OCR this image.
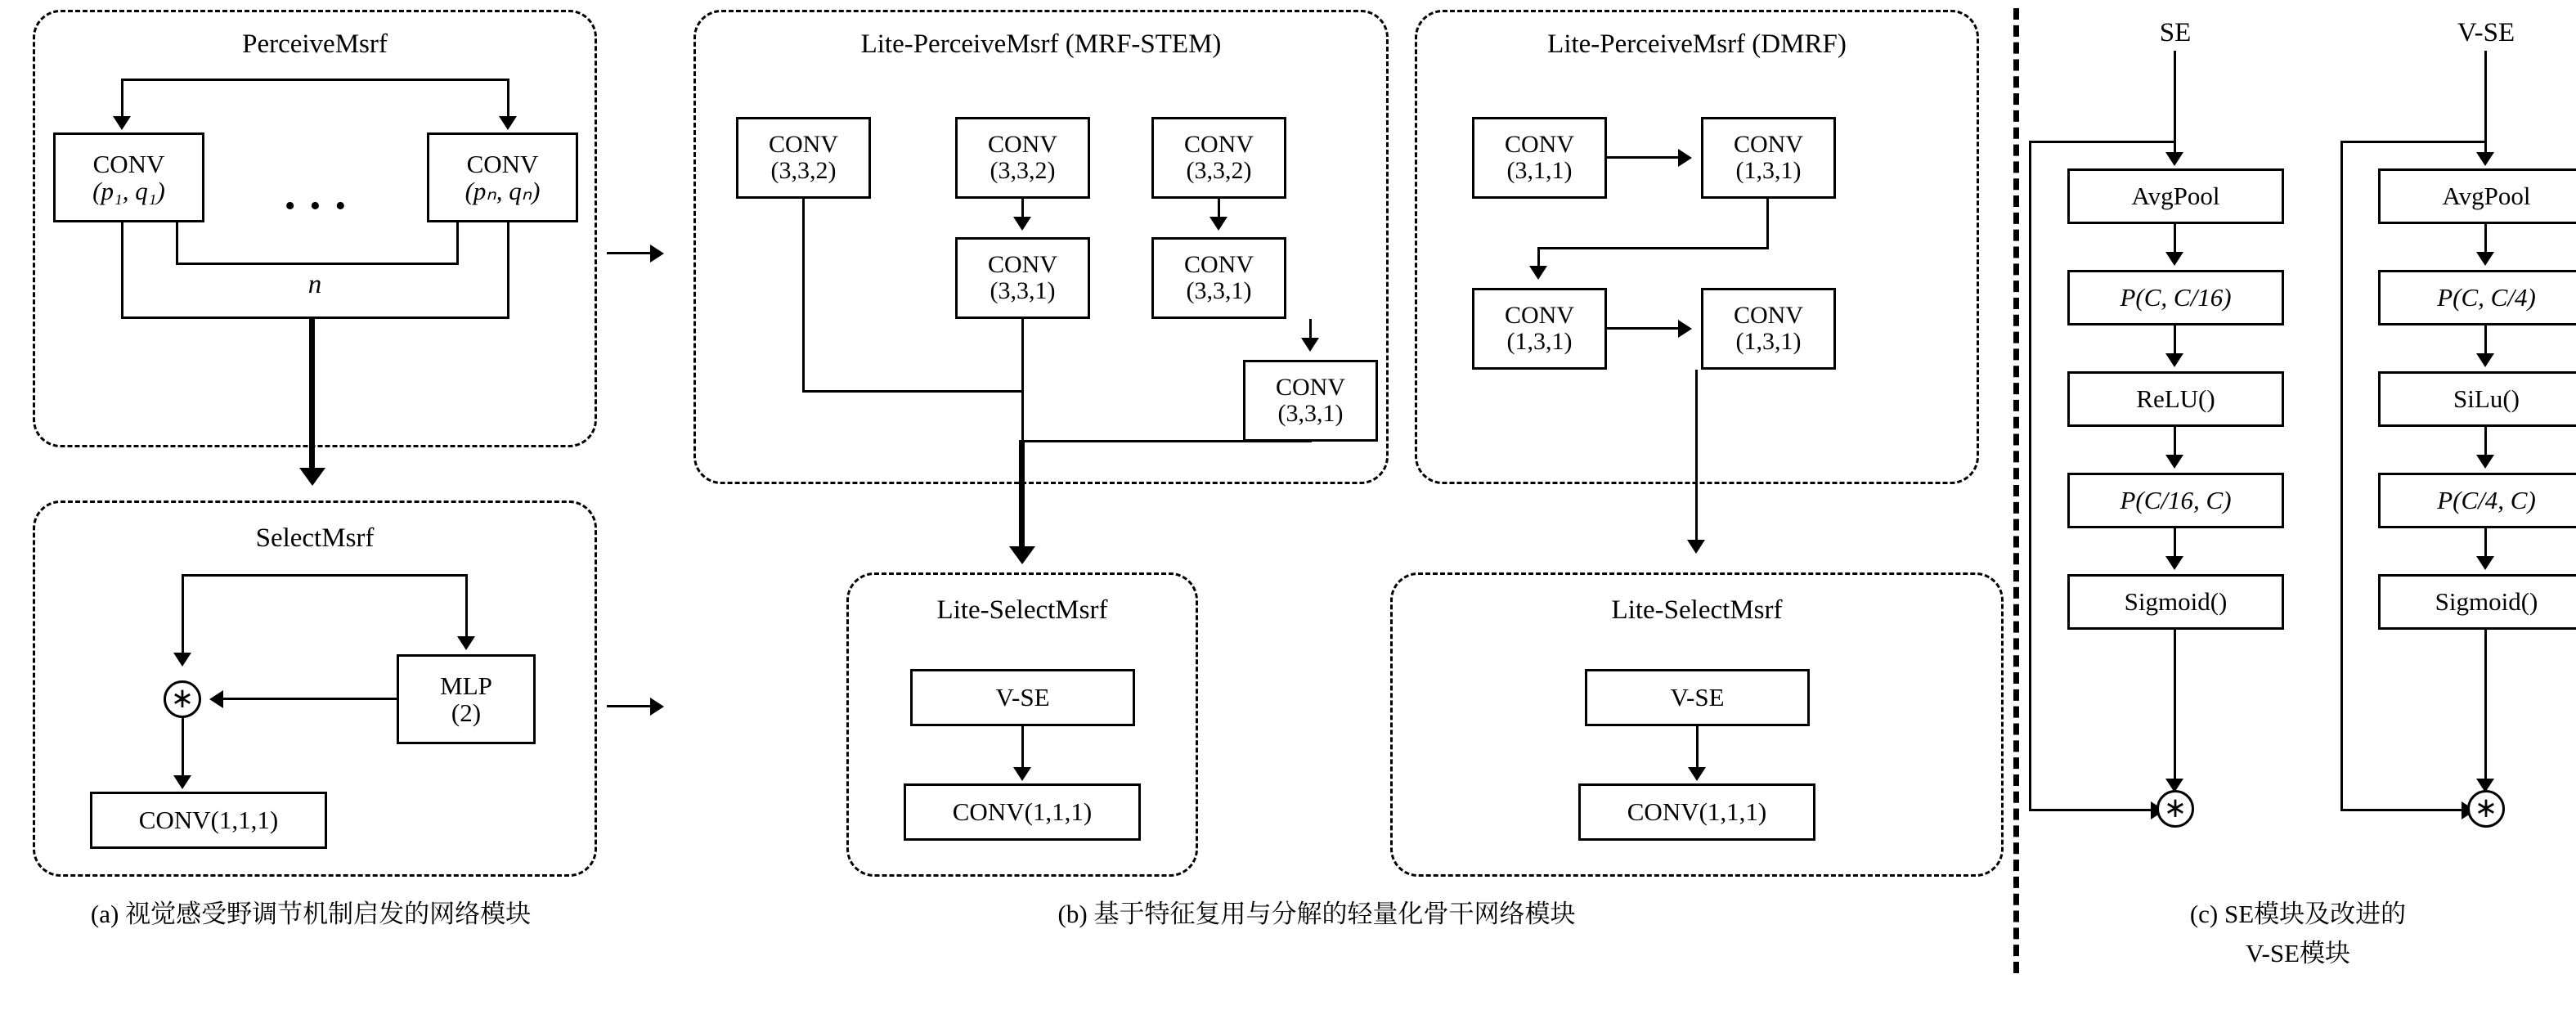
PerceiveMsrf
CONV
(p₁, q₁)
CONV
(pₙ, qₙ)
• • •
n
SelectMsrf
MLP
(2)
∗
CONV(1,1,1)
(a) 视觉感受野调节机制启发的网络模块
Lite-PerceiveMsrf (MRF-STEM)
CONV
(3,3,2)
CONV
(3,3,2)
CONV
(3,3,2)
CONV
(3,3,1)
CONV
(3,3,1)
CONV
(3,3,1)
Lite-SelectMsrf
V-SE
CONV(1,1,1)
Lite-PerceiveMsrf (DMRF)
CONV
(3,1,1)
CONV
(1,3,1)
CONV
(1,3,1)
CONV
(1,3,1)
Lite-SelectMsrf
V-SE
CONV(1,1,1)
(b) 基于特征复用与分解的轻量化骨干网络模块
SE
AvgPool
P(C, C/16)
ReLU()
P(C/16, C)
Sigmoid()
∗
V-SE
AvgPool
P(C, C/4)
SiLu()
P(C/4, C)
Sigmoid()
∗
(c) SE模块及改进的
V-SE模块
